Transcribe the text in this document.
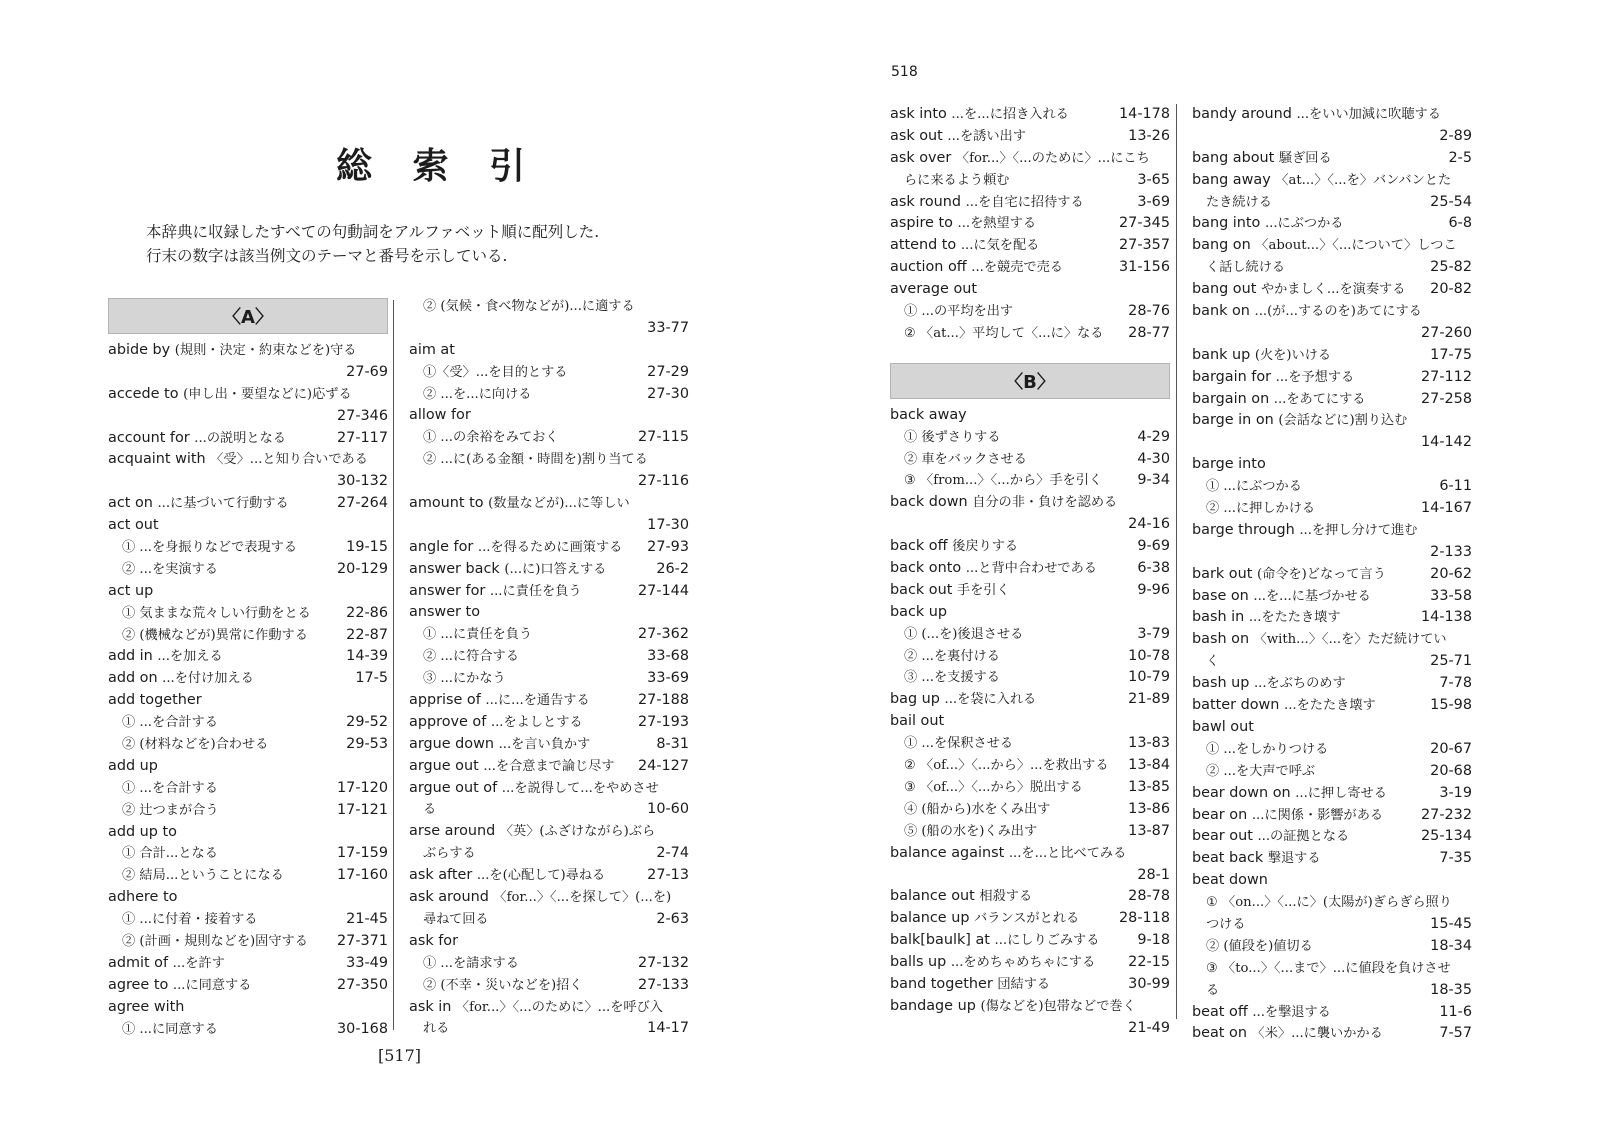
総 索 引
本辞典に収録したすべての句動詞をアルファベット順に配列した.
行末の数字は該当例文のテーマと番号を示している.
〈A〉
abide by (規則・決定・約束などを)守る
27-69
accede to (申し出・要望などに)応ずる
27-346
account for ...の説明となる	27-117
acquaint with 〈受〉...と知り合いである
30-132
act on ...に基づいて行動する	27-264
act out
① ...を身振りなどで表現する	19-15
② ...を実演する	20-129
act up
① 気ままな荒々しい行動をとる 22-86
② (機械などが)異常に作動する	22-87
add in ...を加える	14-39
add on ...を付け加える	17-5
add together
① ...を合計する	29-52
② (材料などを)合わせる	29-53
add up
① ...を合計する	17-120
② 辻つまが合う	17-121
add up to
① 合計...となる	17-159
② 結局...ということになる	17-160
adhere to
① ...に付着・接着する	21-45
② (計画・規則などを)固守する 27-371
admit of ...を許す	33-49
agree to ...に同意する	27-350
agree with
① ...に同意する	30-168
② (気候・食べ物などが)...に適する
33-77
aim at
①〈受〉...を目的とする	27-29
② ...を...に向ける	27-30
allow for
① ...の余裕をみておく	27-115
② ...に(ある金額・時間を)割り当てる
27-116
amount to (数量などが)...に等しい
17-30
angle for ...を得るために画策する 27-93
answer back (...に)口答えする	26-2
answer for ...に責任を負う	27-144
answer to
① ...に責任を負う	27-362
② ...に符合する	33-68
③ ...にかなう	33-69
apprise of ...に...を通告する	27-188
approve of ...をよしとする	27-193
argue down ...を言い負かす	8-31
argue out ...を合意まで論じ尽す 24-127
argue out of ...を説得して...をやめさせ
る	10-60
arse around 〈英〉(ふざけながら)ぶら
ぶらする	2-74
ask after ...を(心配して)尋ねる	27-13
ask around 〈for...〉〈...を探して〉(...を)
尋ねて回る	2-63
ask for
① ...を請求する	27-132
② (不幸・災いなどを)招く	27-133
ask in 〈for...〉〈...のために〉...を呼び入
れる	14-17
[517]
518
ask into ...を...に招き入れる	14-178
ask out ...を誘い出す	13-26
ask over 〈for...〉〈...のために〉...にこち
らに来るよう頼む	3-65
ask round ...を自宅に招待する	3-69
aspire to ...を熱望する	27-345
attend to ...に気を配る	27-357
auction off ...を競売で売る	31-156
average out
① ...の平均を出す	28-76
② 〈at...〉平均して〈...に〉なる 28-77
〈B〉
back away
① 後ずさりする	4-29
② 車をバックさせる	4-30
③ 〈from...〉〈...から〉手を引く 9-34
back down 自分の非・負けを認める
24-16
back off 後戻りする	9-69
back onto ...と背中合わせである	6-38
back out 手を引く	9-96
back up
① (...を)後退させる	3-79
② ...を裏付ける	10-78
③ ...を支援する	10-79
bag up ...を袋に入れる	21-89
bail out
① ...を保釈させる	13-83
② 〈of...〉〈...から〉...を救出する 13-84
③ 〈of...〉〈...から〉脱出する	13-85
④ (船から)水をくみ出す	13-86
⑤ (船の水を)くみ出す	13-87
balance against ...を...と比べてみる
28-1
balance out 相殺する	28-78
balance up バランスがとれる	28-118
balk[baulk] at ...にしりごみする	9-18
balls up ...をめちゃめちゃにする 22-15
band together 団結する	30-99
bandage up (傷などを)包帯などで巻く
21-49
bandy around ...をいい加減に吹聴する
2-89
bang about 騒ぎ回る	2-5
bang away 〈at...〉〈...を〉バンバンとた
たき続ける	25-54
bang into ...にぶつかる	6-8
bang on 〈about...〉〈...について〉しつこ
く話し続ける	25-82
bang out やかましく...を演奏する 20-82
bank on ...(が...するのを)あてにする
27-260
bank up (火を)いける	17-75
bargain for ...を予想する	27-112
bargain on ...をあてにする	27-258
barge in on (会話などに)割り込む
14-142
barge into
① ...にぶつかる	6-11
② ...に押しかける	14-167
barge through ...を押し分けて進む
2-133
bark out (命令を)どなって言う	20-62
base on ...を...に基づかせる	33-58
bash in ...をたたき壊す	14-138
bash on 〈with...〉〈...を〉ただ続けてい
く	25-71
bash up ...をぶちのめす	7-78
batter down ...をたたき壊す	15-98
bawl out
① ...をしかりつける	20-67
② ...を大声で呼ぶ	20-68
bear down on ...に押し寄せる	3-19
bear on ...に関係・影響がある	27-232
bear out ...の証拠となる	25-134
beat back 撃退する	7-35
beat down
① 〈on...〉〈...に〉(太陽が)ぎらぎら照り
つける	15-45
② (値段を)値切る	18-34
③ 〈to...〉〈...まで〉...に値段を負けさせ
る	18-35
beat off ...を撃退する	11-6
beat on 〈米〉...に襲いかかる	7-57
